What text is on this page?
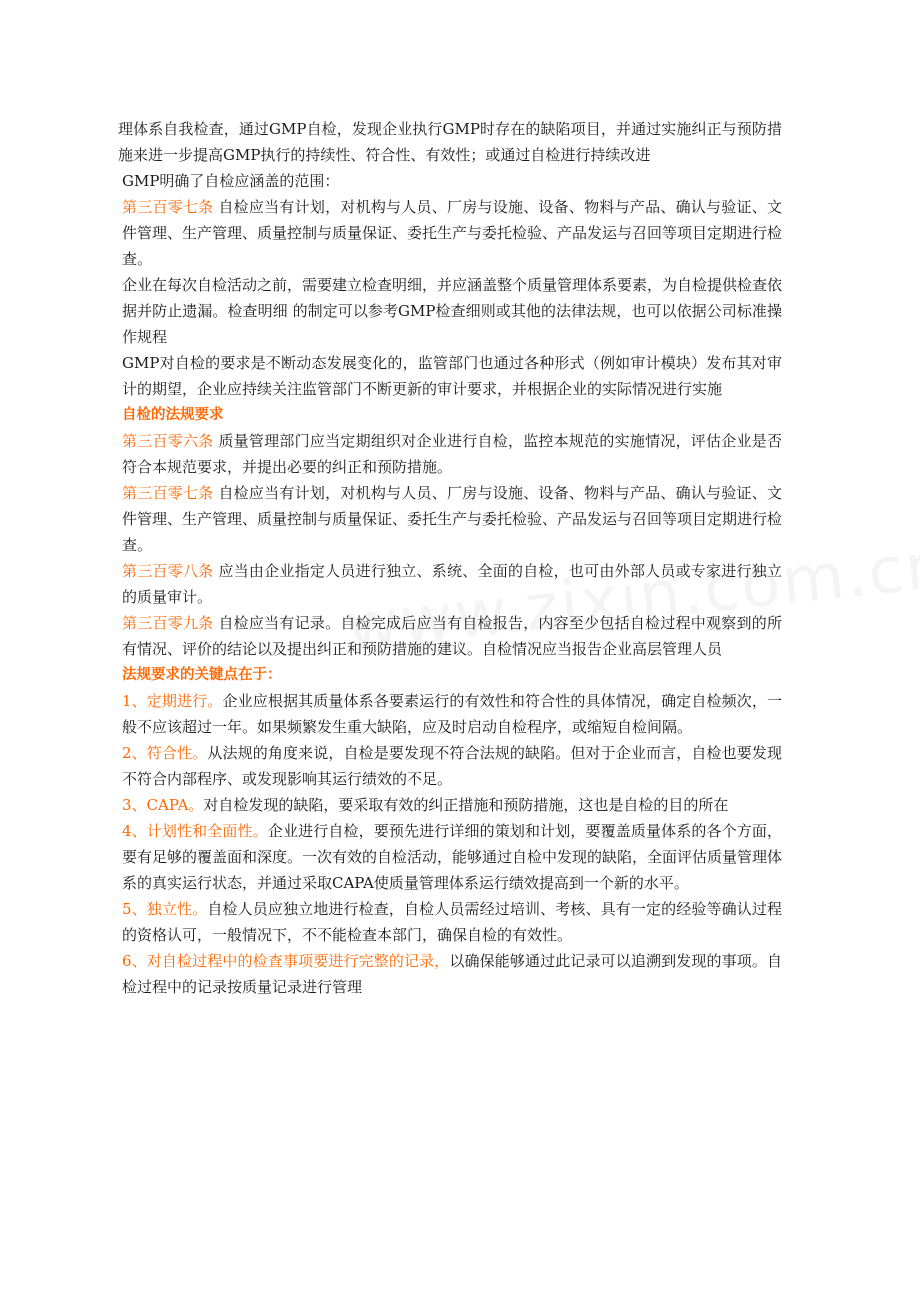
理体系自我检查，通过GMP自检，发现企业执行GMP时存在的缺陷项目，并通过实施纠正与预防措施来进一步提高GMP执行的持续性、符合性、有效性；或通过自检进行持续改进

GMP明确了自检应涵盖的范围：

第三百零七条 自检应当有计划，对机构与人员、厂房与设施、设备、物料与产品、确认与验证、文件管理、生产管理、质量控制与质量保证、委托生产与委托检验、产品发运与召回等项目定期进行检查。

企业在每次自检活动之前，需要建立检查明细，并应涵盖整个质量管理体系要素，为自检提供检查依据并防止遗漏。检查明细 的制定可以参考GMP检查细则或其他的法律法规，也可以依据公司标准操作规程

GMP对自检的要求是不断动态发展变化的，监管部门也通过各种形式（例如审计模块）发布其对审计的期望，企业应持续关注监管部门不断更新的审计要求，并根据企业的实际情况进行实施

自检的法规要求

第三百零六条 质量管理部门应当定期组织对企业进行自检，监控本规范的实施情况，评估企业是否符合本规范要求，并提出必要的纠正和预防措施。

第三百零七条 自检应当有计划，对机构与人员、厂房与设施、设备、物料与产品、确认与验证、文件管理、生产管理、质量控制与质量保证、委托生产与委托检验、产品发运与召回等项目定期进行检查。

第三百零八条 应当由企业指定人员进行独立、系统、全面的自检，也可由外部人员或专家进行独立的质量审计。

第三百零九条 自检应当有记录。自检完成后应当有自检报告，内容至少包括自检过程中观察到的所有情况、评价的结论以及提出纠正和预防措施的建议。自检情况应当报告企业高层管理人员

法规要求的关键点在于：

1、定期进行。企业应根据其质量体系各要素运行的有效性和符合性的具体情况，确定自检频次，一般不应该超过一年。如果频繁发生重大缺陷，应及时启动自检程序，或缩短自检间隔。

2、符合性。从法规的角度来说，自检是要发现不符合法规的缺陷。但对于企业而言，自检也要发现不符合内部程序、或发现影响其运行绩效的不足。

3、CAPA。对自检发现的缺陷，要采取有效的纠正措施和预防措施，这也是自检的目的所在

4、计划性和全面性。企业进行自检，要预先进行详细的策划和计划，要覆盖质量体系的各个方面，要有足够的覆盖面和深度。一次有效的自检活动，能够通过自检中发现的缺陷，全面评估质量管理体系的真实运行状态，并通过采取CAPA使质量管理体系运行绩效提高到一个新的水平。

5、独立性。自检人员应独立地进行检查，自检人员需经过培训、考核、具有一定的经验等确认过程的资格认可，一般情况下，不不能检查本部门，确保自检的有效性。

6、对自检过程中的检查事项要进行完整的记录，以确保能够通过此记录可以追溯到发现的事项。自检过程中的记录按质量记录进行管理
